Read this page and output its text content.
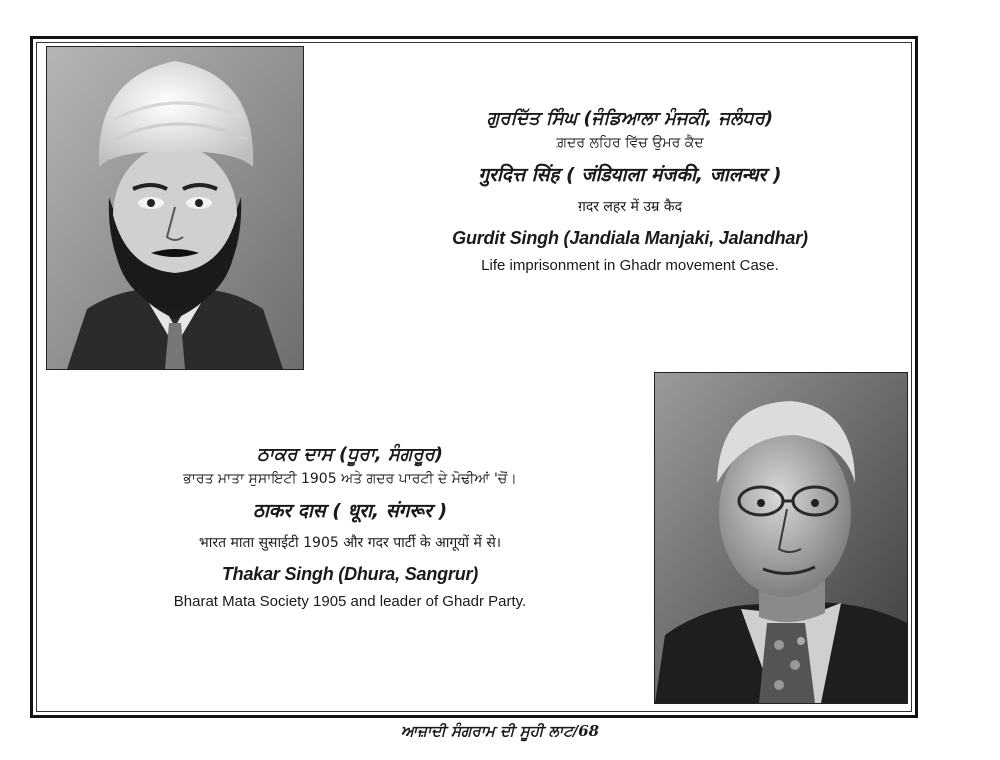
ਗੁਰਦਿੱਤ ਸਿੰਘ (ਜੰਡਿਆਲਾ ਮੰਜਕੀ, ਜਲੰਧਰ)
ਗ਼ਦਰ ਲਹਿਰ ਵਿੱਚ ਉਮਰ ਕੈਦ
गुरदित्त सिंह ( जंडियाला मंजकी, जालन्धर )
ग़दर लहर में उम्र कैद
Gurdit Singh (Jandiala Manjaki, Jalandhar)
Life imprisonment in Ghadr movement Case.
ਠਾਕਰ ਦਾਸ (ਧੂਰਾ, ਸੰਗਰੂਰ)
ਭਾਰਤ ਮਾਤਾ ਸੁਸਾਇਟੀ 1905 ਅਤੇ ਗਦਰ ਪਾਰਟੀ ਦੇ ਮੋਢੀਆਂ 'ਚੋਂ।
ठाकर दास ( धूरा, संगरूर )
भारत माता सुसाईटी 1905 और गदर पार्टी के आगूयों में से।
Thakar Singh (Dhura, Sangrur)
Bharat Mata Society 1905 and leader of Ghadr Party.
ਆਜ਼ਾਦੀ ਸੰਗਰਾਮ ਦੀ ਸੂਹੀ ਲਾਟ/68
